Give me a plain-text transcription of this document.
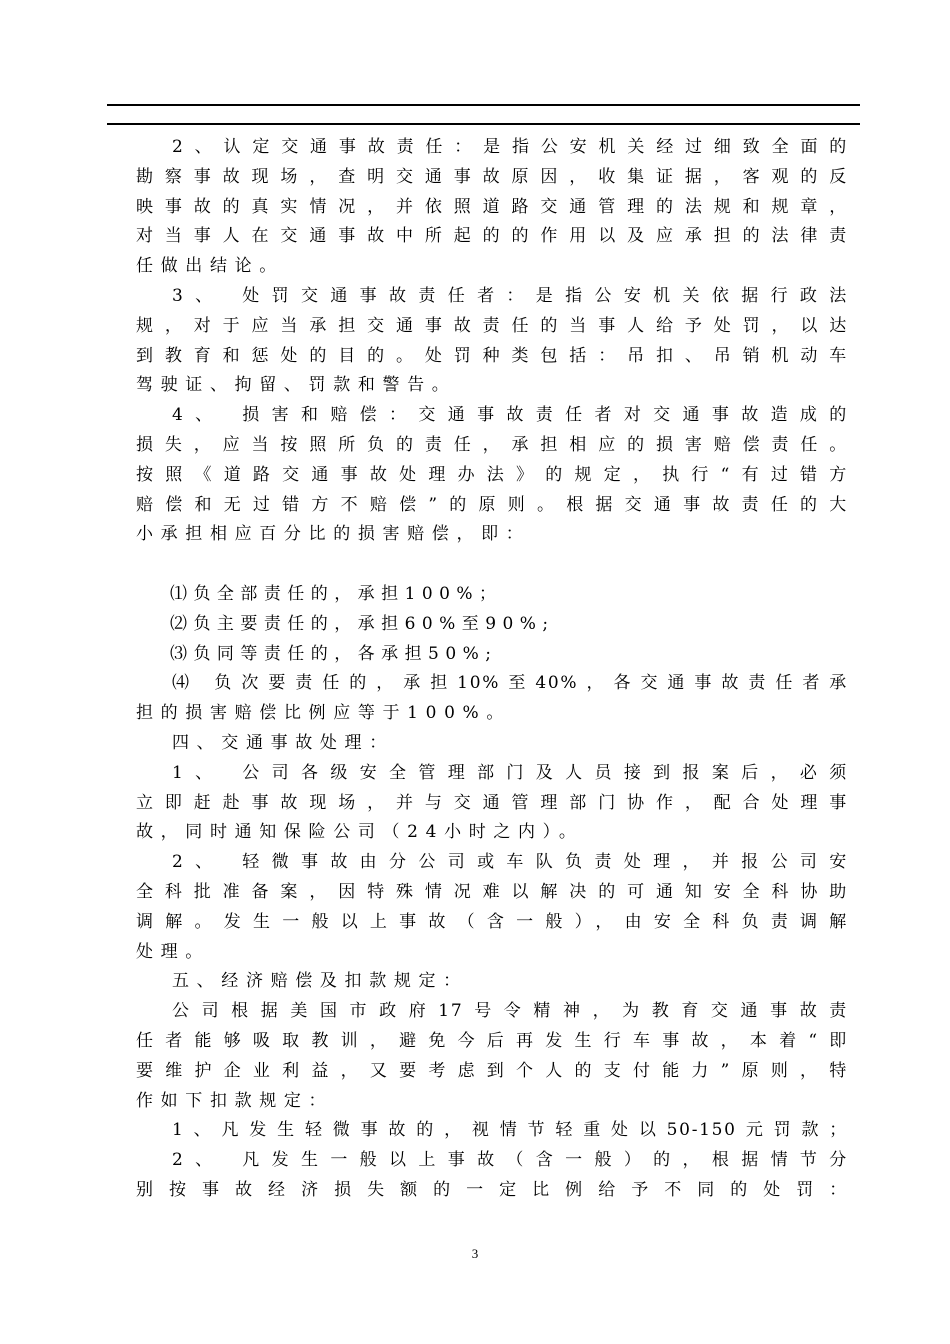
2、认定交通事故责任：是指公安机关经过细致全面的
勘察事故现场，查明交通事故原因，收集证据，客观的反
映事故的真实情况，并依照道路交通管理的法规和规章，
对当事人在交通事故中所起的的作用以及应承担的法律责
任做出结论。
3、 处罚交通事故责任者：是指公安机关依据行政法
规，对于应当承担交通事故责任的当事人给予处罚，以达
到教育和惩处的目的。处罚种类包括：吊扣、吊销机动车
驾驶证、拘留、罚款和警告。
4、 损害和赔偿：交通事故责任者对交通事故造成的
损失，应当按照所负的责任，承担相应的损害赔偿责任。
按照《道路交通事故处理办法》的规定，执行“有过错方
赔偿和无过错方不赔偿”的原则。根据交通事故责任的大
小承担相应百分比的损害赔偿，即：
⑴负全部责任的，承担100%；
⑵负主要责任的，承担60%至90%;
⑶负同等责任的，各承担50%;
⑷ 负次要责任的，承担10%至40%，各交通事故责任者承
担的损害赔偿比例应等于100%。
四、交通事故处理：
1、 公司各级安全管理部门及人员接到报案后，必须
立即赶赴事故现场，并与交通管理部门协作，配合处理事
故，同时通知保险公司（24小时之内）。
2、 轻微事故由分公司或车队负责处理，并报公司安
全科批准备案，因特殊情况难以解决的可通知安全科协助
调解。发生一般以上事故（含一般），由安全科负责调解
处理。
五、经济赔偿及扣款规定：
公司根据美国市政府17号令精神，为教育交通事故责
任者能够吸取教训，避免今后再发生行车事故，本着“即
要维护企业利益，又要考虑到个人的支付能力”原则，特
作如下扣款规定：
1、凡发生轻微事故的，视情节轻重处以50-150元罚款；
2、 凡发生一般以上事故（含一般）的，根据情节分
别按事故经济损失额的一定比例给予不同的处罚：
3
